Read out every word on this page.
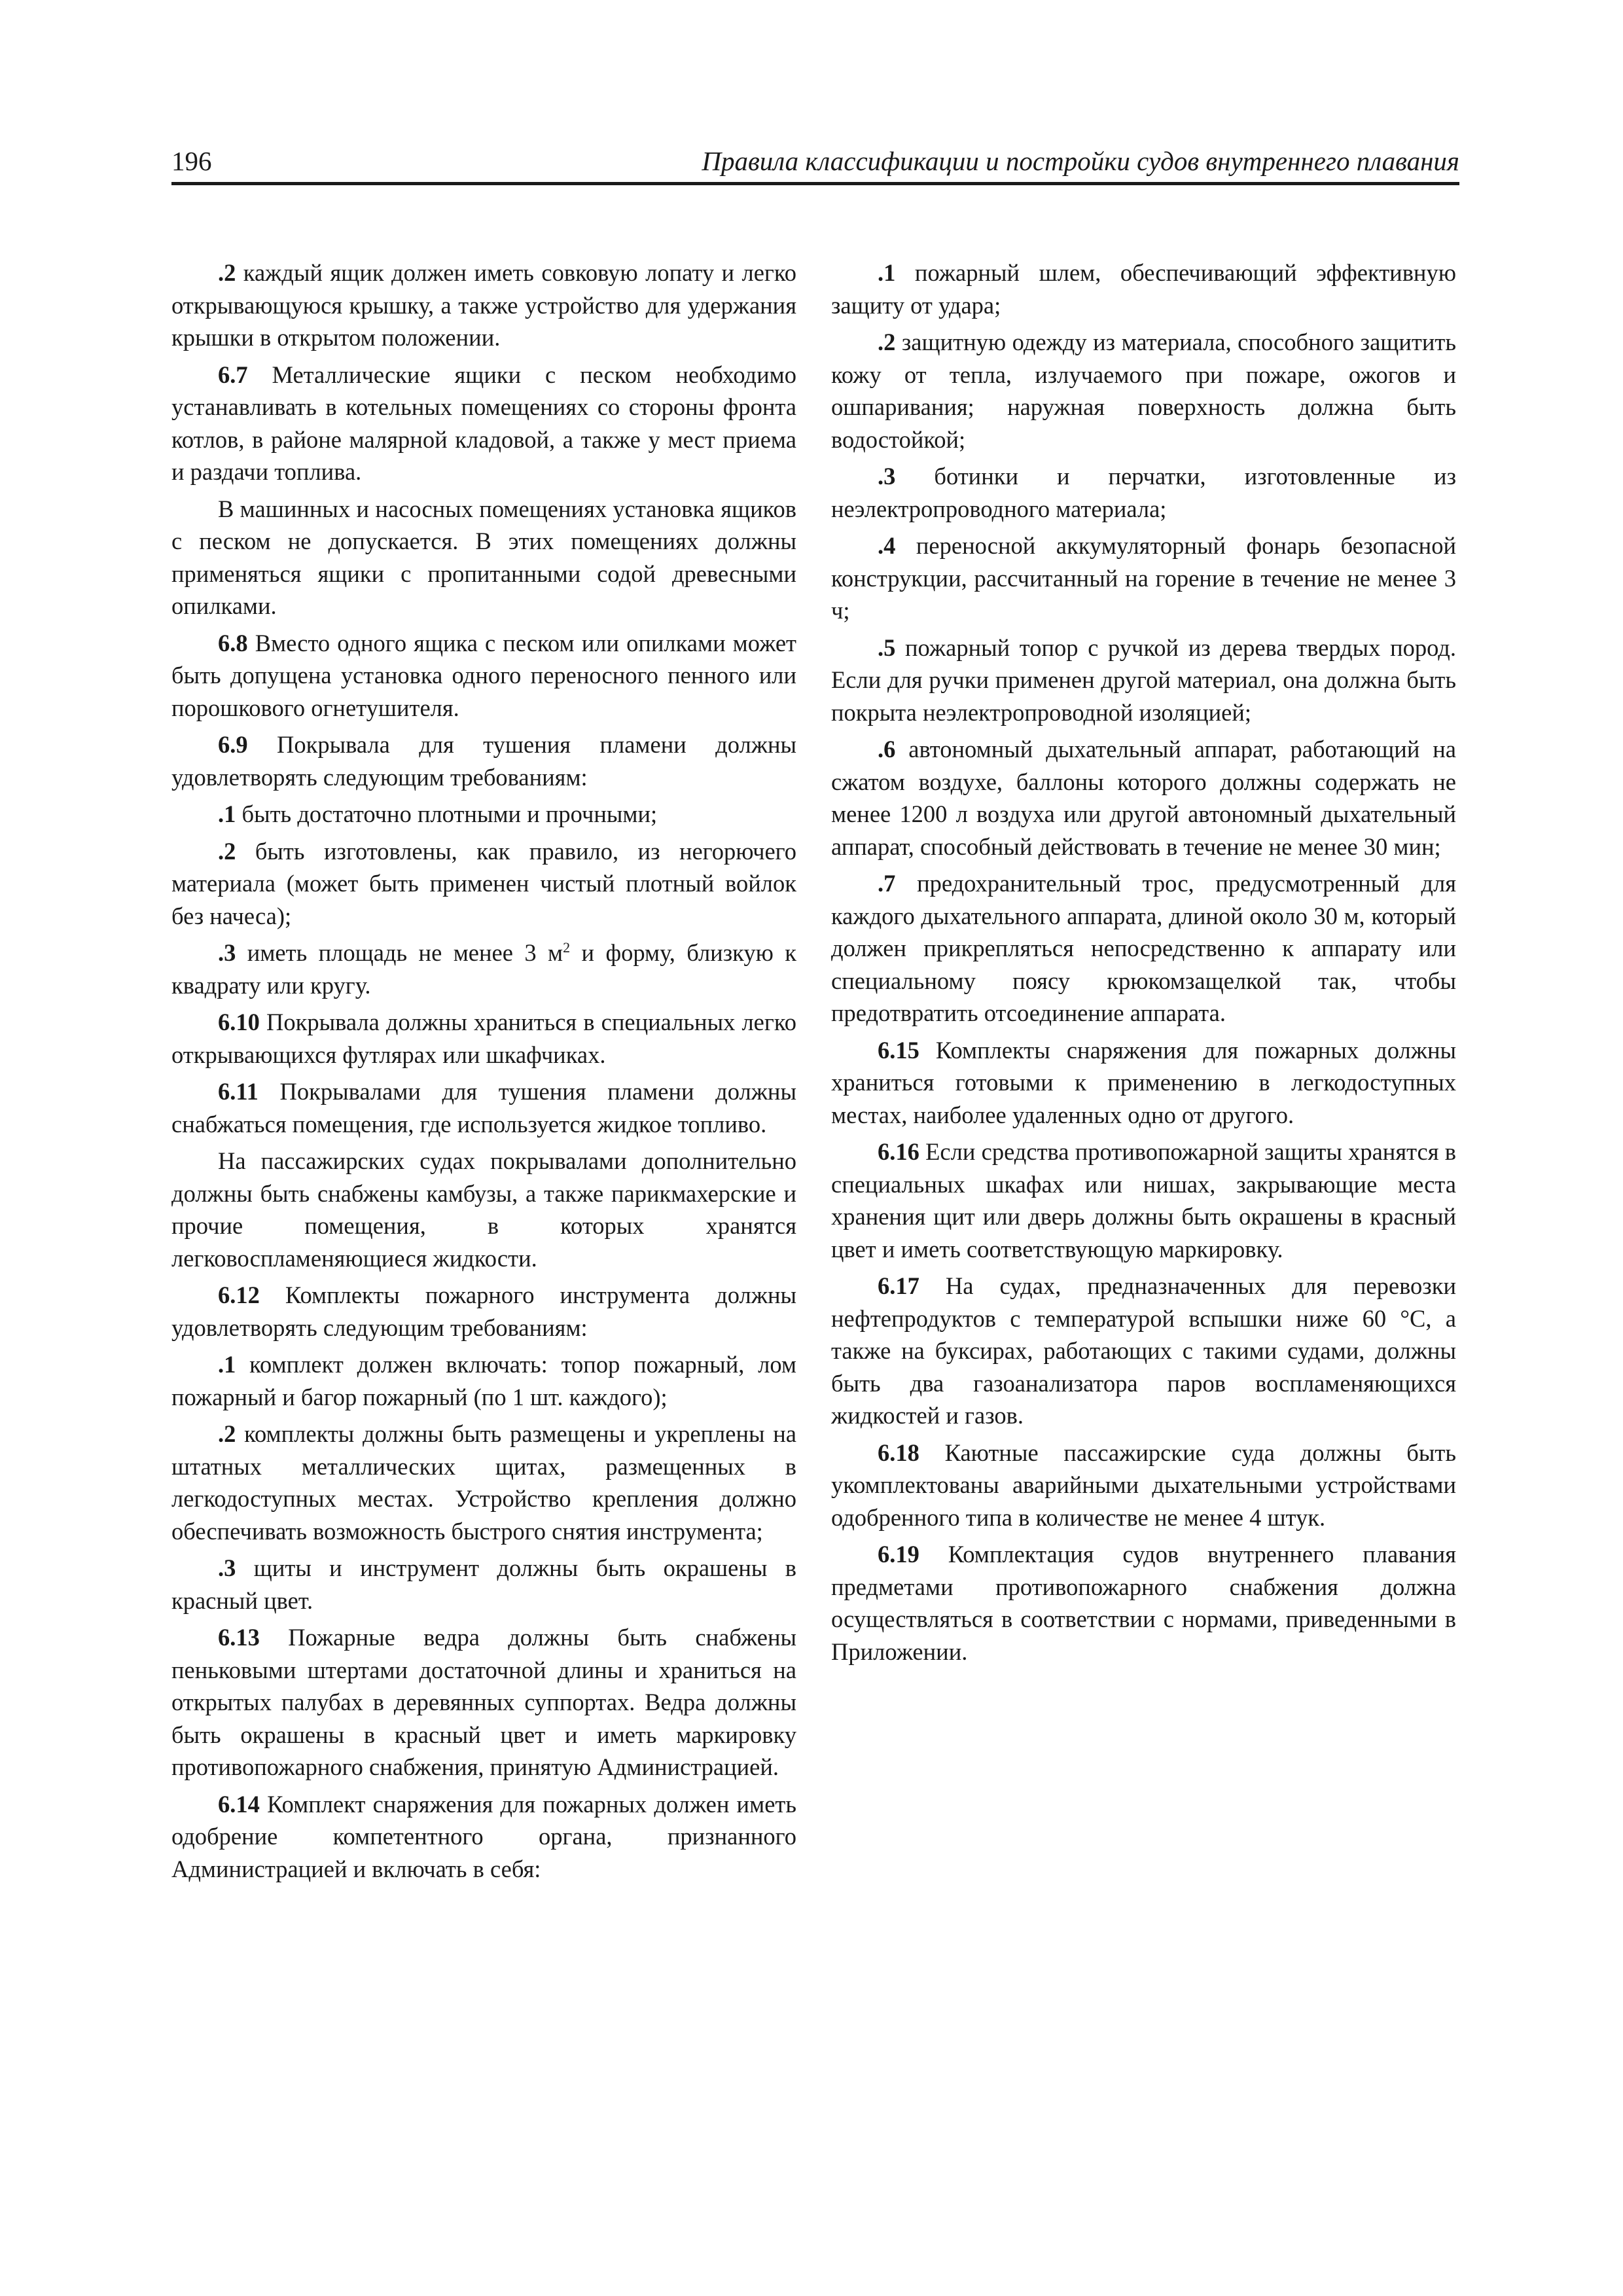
196	Правила классификации и постройки судов внутреннего плавания

.2 каждый ящик должен иметь совковую лопату и легко открывающуюся крышку, а также устройство для удержания крышки в открытом положении.

6.7 Металлические ящики с песком необходимо устанавливать в котельных помещениях со стороны фронта котлов, в районе малярной кладовой, а также у мест приема и раздачи топлива.

В машинных и насосных помещениях установка ящиков с песком не допускается. В этих помещениях должны применяться ящики с пропитанными содой древесными опилками.

6.8 Вместо одного ящика с песком или опилками может быть допущена установка одного переносного пенного или порошкового огнетушителя.

6.9 Покрывала для тушения пламени должны удовлетворять следующим требованиям:

.1 быть достаточно плотными и прочными;

.2 быть изготовлены, как правило, из негорючего материала (может быть применен чистый плотный войлок без начеса);

.3 иметь площадь не менее 3 $м^2$ и форму, близкую к квадрату или кругу.

6.10 Покрывала должны храниться в специальных легко открывающихся футлярах или шкафчиках.

6.11 Покрывалами для тушения пламени должны снабжаться помещения, где используется жидкое топливо.

На пассажирских судах покрывалами дополнительно должны быть снабжены камбузы, а также парикмахерские и прочие помещения, в которых хранятся легковоспламеняющиеся жидкости.

6.12 Комплекты пожарного инструмента должны удовлетворять следующим требованиям:

.1 комплект должен включать: топор пожарный, лом пожарный и багор пожарный (по 1 шт. каждого);

.2 комплекты должны быть размещены и укреплены на штатных металлических щитах, размещенных в легкодоступных местах. Устройство крепления должно обеспечивать возможность быстрого снятия инструмента;

.3 щиты и инструмент должны быть окрашены в красный цвет.

6.13 Пожарные ведра должны быть снабжены пеньковыми штертами достаточной длины и храниться на открытых палубах в деревянных суппортах. Ведра должны быть окрашены в красный цвет и иметь маркировку противопожарного снабжения, принятую Администрацией.

6.14 Комплект снаряжения для пожарных должен иметь одобрение компетентного органа, признанного Администрацией и включать в себя:

.1 пожарный шлем, обеспечивающий эффективную защиту от удара;

.2 защитную одежду из материала, способного защитить кожу от тепла, излучаемого при пожаре, ожогов и ошпаривания; наружная поверхность должна быть водостойкой;

.3 ботинки и перчатки, изготовленные из неэлектропроводного материала;

.4 переносной аккумуляторный фонарь безопасной конструкции, рассчитанный на горение в течение не менее 3 ч;

.5 пожарный топор с ручкой из дерева твердых пород. Если для ручки применен другой материал, она должна быть покрыта неэлектропроводной изоляцией;

.6 автономный дыхательный аппарат, работающий на сжатом воздухе, баллоны которого должны содержать не менее 1200 л воздуха или другой автономный дыхательный аппарат, способный действовать в течение не менее 30 мин;

.7 предохранительный трос, предусмотренный для каждого дыхательного аппарата, длиной около 30 м, который должен прикрепляться непосредственно к аппарату или специальному поясу крюкомзащелкой так, чтобы предотвратить отсоединение аппарата.

6.15 Комплекты снаряжения для пожарных должны храниться готовыми к применению в легкодоступных местах, наиболее удаленных одно от другого.

6.16 Если средства противопожарной защиты хранятся в специальных шкафах или нишах, закрывающие места хранения щит или дверь должны быть окрашены в красный цвет и иметь соответствующую маркировку.

6.17 На судах, предназначенных для перевозки нефтепродуктов с температурой вспышки ниже 60 °С, а также на буксирах, работающих с такими судами, должны быть два газоанализатора паров воспламеняющихся жидкостей и газов.

6.18 Каютные пассажирские суда должны быть укомплектованы аварийными дыхательными устройствами одобренного типа в количестве не менее 4 штук.

6.19 Комплектация судов внутреннего плавания предметами противопожарного снабжения должна осуществляться в соответствии с нормами, приведенными в Приложении.
